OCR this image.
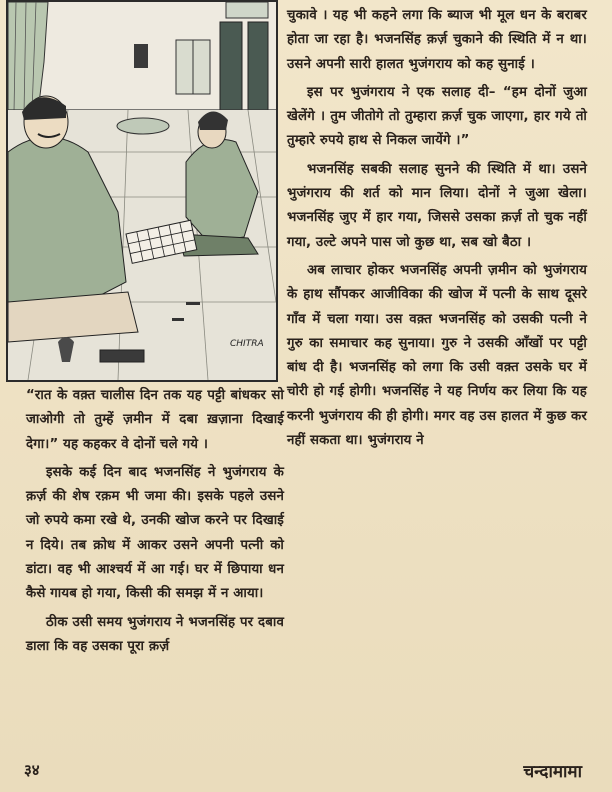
CHITRA

चुकावे । यह भी कहने लगा कि ब्याज भी मूल धन के बराबर होता जा रहा है। भजनसिंह क़र्ज़ चुकाने की स्थिति में न था। उसने अपनी सारी हालत भुजंगराय को कह सुनाई ।

इस पर भुजंगराय ने एक सलाह दी– “हम दोनों जुआ खेलेंगे । तुम जीतोगे तो तुम्हारा क़र्ज़ चुक जाएगा, हार गये तो तुम्हारे रुपये हाथ से निकल जायेंगे ।”

भजनसिंह सबकी सलाह सुनने की स्थिति में था। उसने भुजंगराय की शर्त को मान लिया। दोनों ने जुआ खेला। भजनसिंह जुए में हार गया, जिससे उसका क़र्ज़ तो चुक नहीं गया, उल्टे अपने पास जो कुछ था, सब खो बैठा ।

अब लाचार होकर भजनसिंह अपनी ज़मीन को भुजंगराय के हाथ सौंपकर आजीविका की खोज में पत्नी के साथ दूसरे गाँव में चला गया। उस वक़्त भजनसिंह को उसकी पत्नी ने गुरु का समाचार कह सुनाया। गुरु ने उसकी आँखों पर पट्टी बांध दी है। भजनसिंह को लगा कि उसी वक़्त उसके घर में चोरी हो गई होगी। भजनसिंह ने यह निर्णय कर लिया कि यह करनी भुजंगराय की ही होगी। मगर वह उस हालत में कुछ कर नहीं सकता था। भुजंगराय ने

“रात के वक़्त चालीस दिन तक यह पट्टी बांधकर सो जाओगी तो तुम्हें ज़मीन में दबा ख़ज़ाना दिखाई देगा।” यह कहकर वे दोनों चले गये ।

इसके कई दिन बाद भजनसिंह ने भुजंगराय के क़र्ज़ की शेष रक़म भी जमा की। इसके पहले उसने जो रुपये कमा रखे थे, उनकी खोज करने पर दिखाई न दिये। तब क्रोध में आकर उसने अपनी पत्नी को डांटा। वह भी आश्चर्य में आ गई। घर में छिपाया धन कैसे गायब हो गया, किसी की समझ में न आया।

ठीक उसी समय भुजंगराय ने भजनसिंह पर दबाव डाला कि वह उसका पूरा क़र्ज़

३४	चन्दामामा
